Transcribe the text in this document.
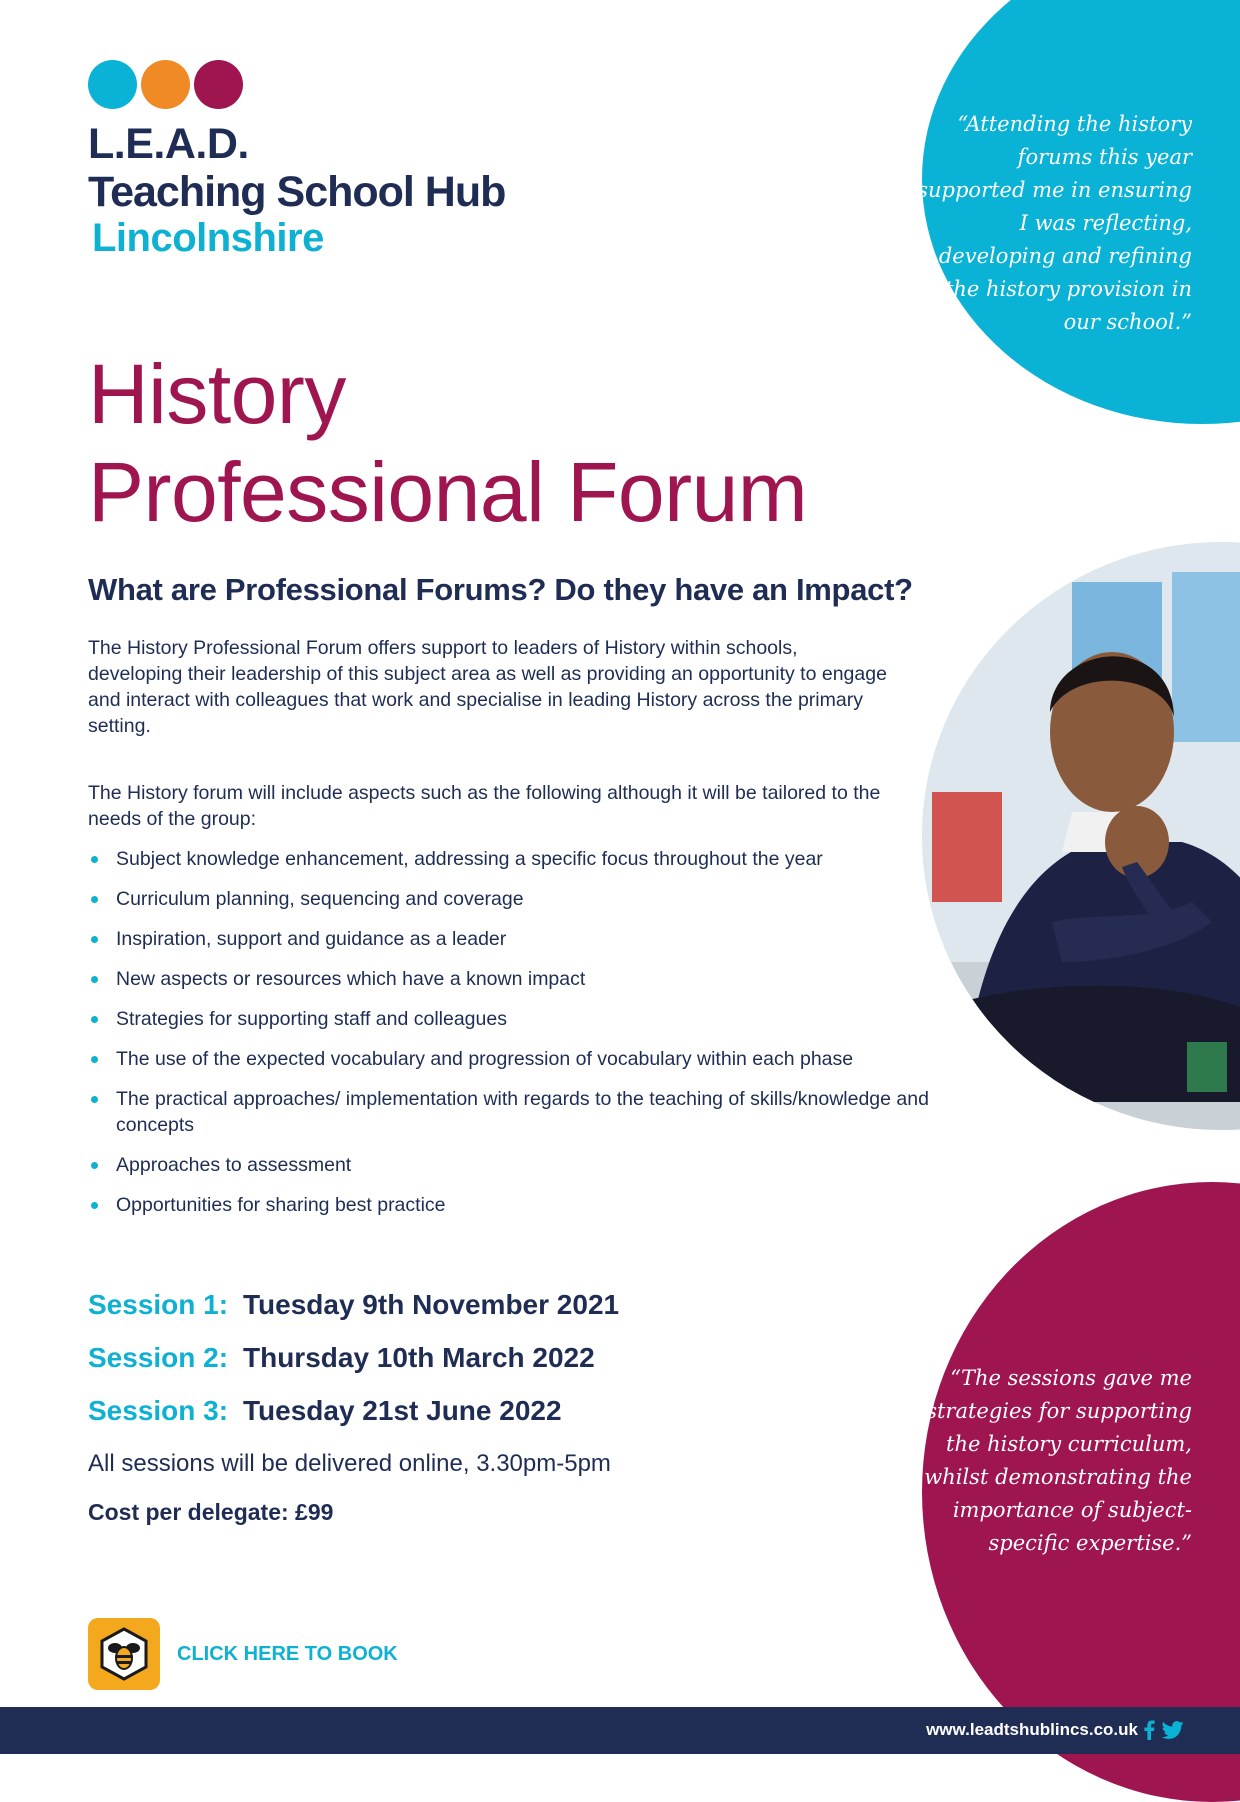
“Attending the history forums this year supported me in ensuring I was reflecting, developing and refining the history provision in our school.”
“The sessions gave me strategies for supporting the history curriculum, whilst demonstrating the importance of subject-specific expertise.”
L.E.A.D.
Teaching School Hub
Lincolnshire
History
Professional Forum
What are Professional Forums? Do they have an Impact?
The History Professional Forum offers support to leaders of History within schools, developing their leadership of this subject area as well as providing an opportunity to engage and interact with colleagues that work and specialise in leading History across the primary setting.
The History forum will include aspects such as the following although it will be tailored to the needs of the group:
Subject knowledge enhancement, addressing a specific focus throughout the year
Curriculum planning, sequencing and coverage
Inspiration, support and guidance as a leader
New aspects or resources which have a known impact
Strategies for supporting staff and colleagues
The use of the expected vocabulary and progression of vocabulary within each phase
The practical approaches/ implementation with regards to the teaching of skills/knowledge and concepts
Approaches to assessment
Opportunities for sharing best practice
Session 1: Tuesday 9th November 2021
Session 2: Thursday 10th March 2022
Session 3: Tuesday 21st June 2022
All sessions will be delivered online, 3.30pm-5pm
Cost per delegate: £99
CLICK HERE TO BOOK
www.leadtshublincs.co.uk
